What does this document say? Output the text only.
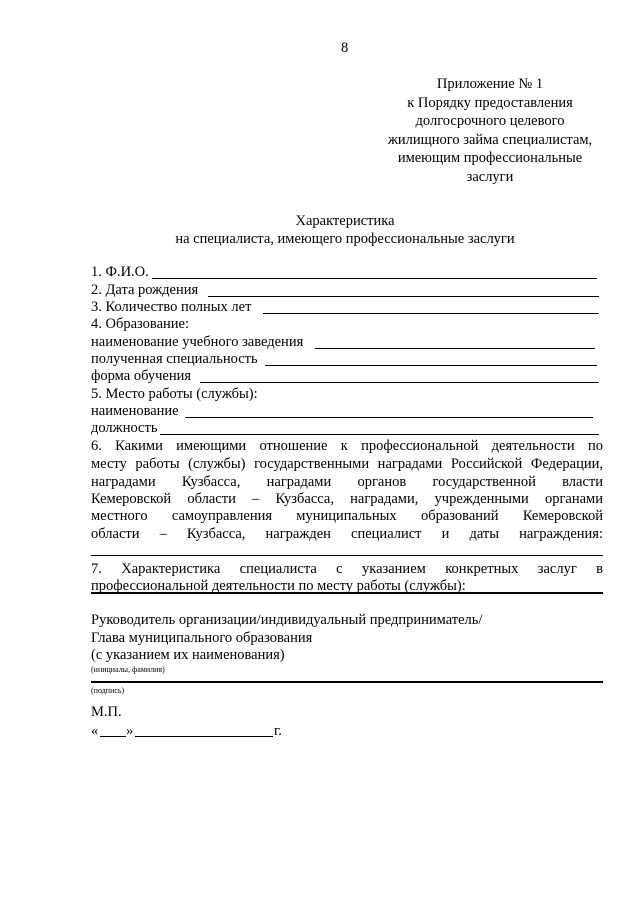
8
Приложение № 1
к Порядку предоставления
долгосрочного целевого
жилищного займа специалистам,
имеющим профессиональные
заслуги
Характеристика
на специалиста, имеющего профессиональные заслуги
1. Ф.И.О.
2. Дата рождения
3. Количество полных лет
4. Образование:
наименование учебного заведения
полученная специальность
форма обучения
5. Место работы (службы):
наименование
должность
6. Какими имеющими отношение к профессиональной деятельности по
месту работы (службы) государственными наградами Российской Федерации,
наградами Кузбасса, наградами органов государственной власти
Кемеровской области – Кузбасса, наградами, учрежденными органами
местного самоуправления муниципальных образований Кемеровской
области – Кузбасса, награжден специалист и даты награждения:
7. Характеристика специалиста с указанием конкретных заслуг в
профессиональной деятельности по месту работы (службы):
Руководитель организации/индивидуальный предприниматель/
Глава муниципального образования
(с указанием их наименования)
(инициалы, фамилия)
(подпись)
М.П.
« »	г.
